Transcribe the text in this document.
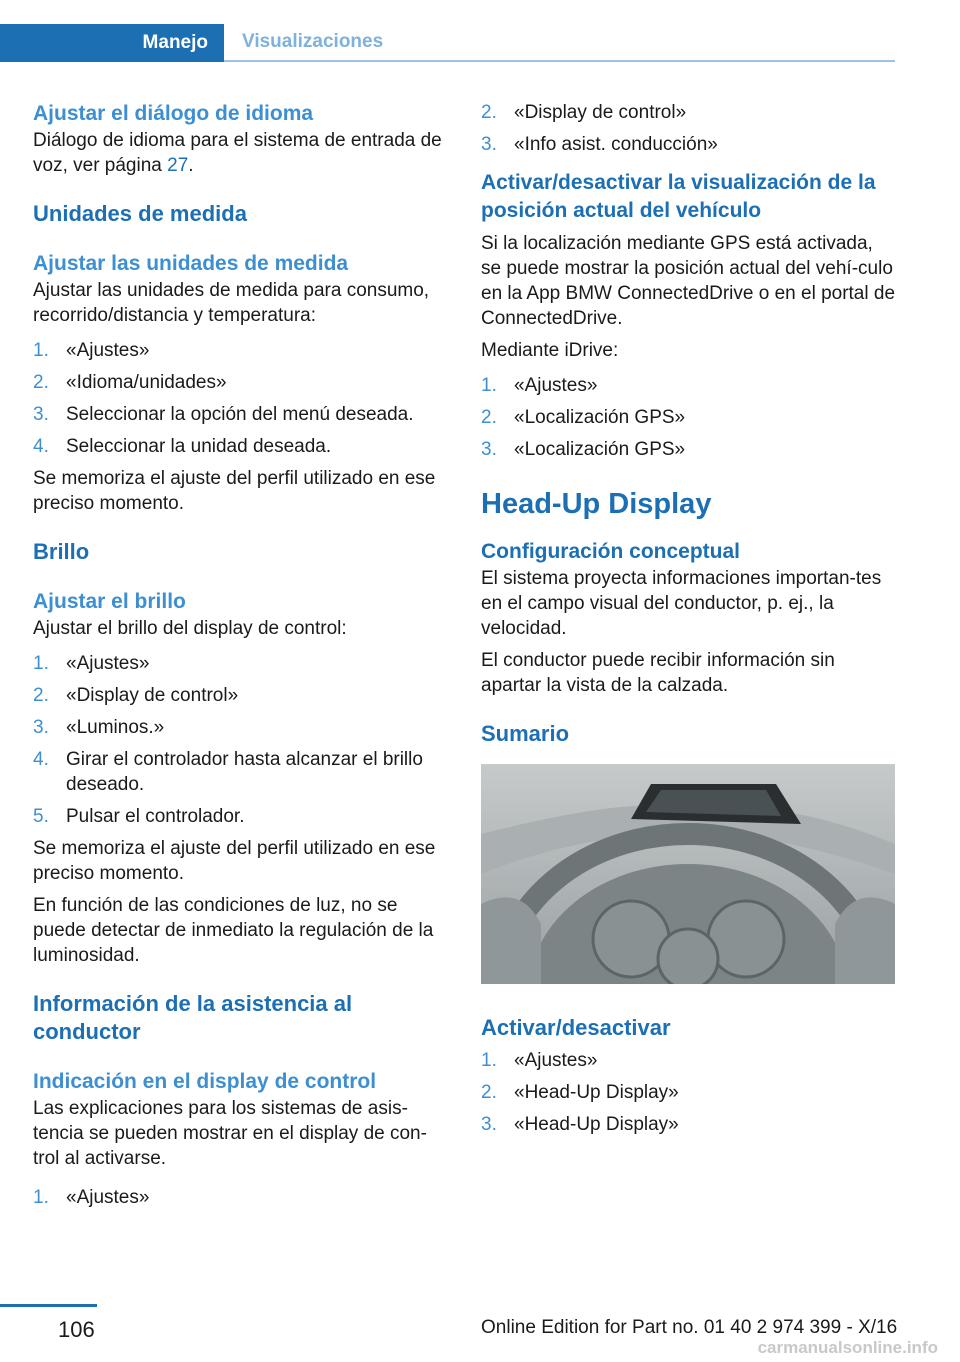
Manejo	Visualizaciones
Ajustar el diálogo de idioma

Diálogo de idioma para el sistema de entrada de voz, ver página 27.

Unidades de medida
Ajustar las unidades de medida

Ajustar las unidades de medida para consumo, recorrido/distancia y temperatura:

1. «Ajustes»
2. «Idioma/unidades»
3. Seleccionar la opción del menú deseada.
4. Seleccionar la unidad deseada.

Se memoriza el ajuste del perfil utilizado en ese preciso momento.

Brillo
Ajustar el brillo

Ajustar el brillo del display de control:

1. «Ajustes»
2. «Display de control»
3. «Luminos.»
4. Girar el controlador hasta alcanzar el brillo deseado.
5. Pulsar el controlador.

Se memoriza el ajuste del perfil utilizado en ese preciso momento.

En función de las condiciones de luz, no se puede detectar de inmediato la regulación de la luminosidad.

Información de la asistencia al conductor
Indicación en el display de control

Las explicaciones para los sistemas de asis-tencia se pueden mostrar en el display de con-trol al activarse.

1. «Ajustes»
2. «Display de control»
3. «Info asist. conducción»
Activar/desactivar la visualización de la posición actual del vehículo

Si la localización mediante GPS está activada, se puede mostrar la posición actual del vehí-culo en la App BMW ConnectedDrive o en el portal de ConnectedDrive.

Mediante iDrive:

1. «Ajustes»
2. «Localización GPS»
3. «Localización GPS»
Head-Up Display
Configuración conceptual

El sistema proyecta informaciones importan-tes en el campo visual del conductor, p. ej., la velocidad.

El conductor puede recibir información sin apartar la vista de la calzada.

Sumario
Activar/desactivar
1. «Ajustes»
2. «Head-Up Display»
3. «Head-Up Display»
106	Online Edition for Part no. 01 40 2 974 399 - X/16
carmanualsonline.info
